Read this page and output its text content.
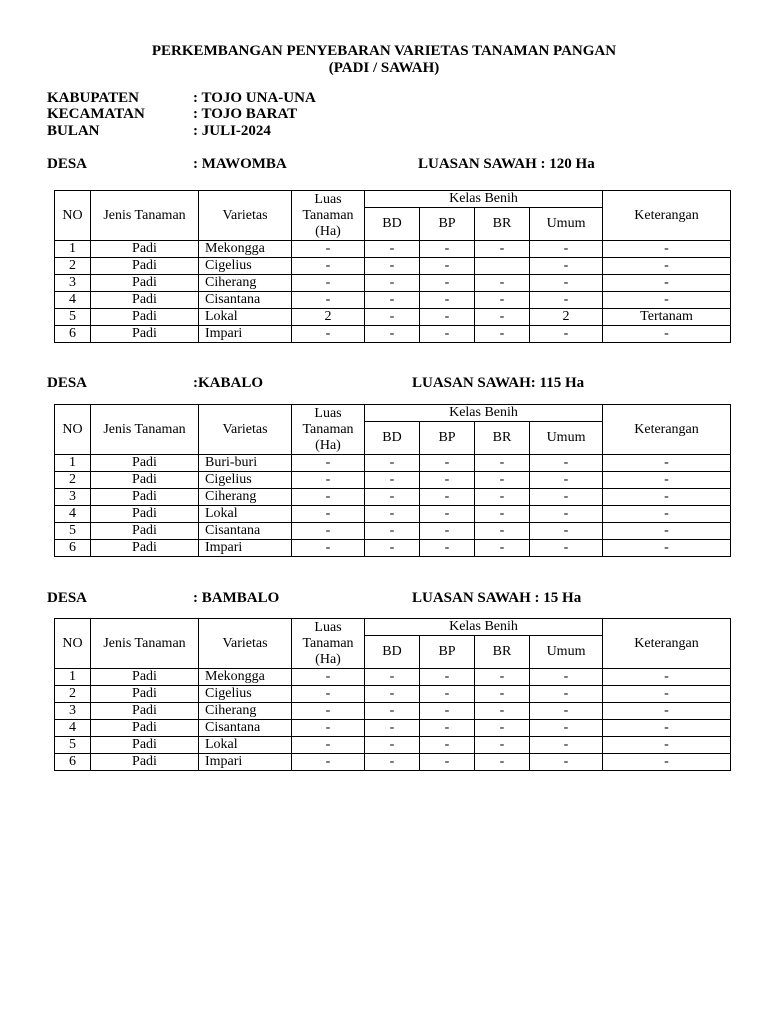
PERKEMBANGAN PENYEBARAN VARIETAS TANAMAN PANGAN
(PADI / SAWAH)
KABUPATEN	: TOJO UNA-UNA
KECAMATAN	: TOJO BARAT
BULAN	: JULI-2024
DESA	: MAWOMBA	LUASAN SAWAH : 120 Ha
NO	Jenis Tanaman	Varietas	Luas
Tanaman
(Ha)	Kelas Benih				Keterangan
				BD	BP	BR	Umum	
1	Padi	Mekongga	-	-	-	-	-	-
2	Padi	Cigelius	-	-	-		-	-
3	Padi	Ciherang	-	-	-	-	-	-
4	Padi	Cisantana	-	-	-	-	-	-
5	Padi	Lokal	2	-	-	-	2	Tertanam
6	Padi	Impari	-	-	-	-	-	-
DESA	:KABALO	LUASAN SAWAH: 115 Ha
NO	Jenis Tanaman	Varietas	Luas
Tanaman
(Ha)	Kelas Benih				Keterangan
				BD	BP	BR	Umum	
1	Padi	Buri-buri	-	-	-	-	-	-
2	Padi	Cigelius	-	-	-	-	-	-
3	Padi	Ciherang	-	-	-	-	-	-
4	Padi	Lokal	-	-	-	-	-	-
5	Padi	Cisantana	-	-	-	-	-	-
6	Padi	Impari	-	-	-	-	-	-
DESA	: BAMBALO	LUASAN SAWAH : 15 Ha
NO	Jenis Tanaman	Varietas	Luas
Tanaman
(Ha)	Kelas Benih				Keterangan
				BD	BP	BR	Umum	
1	Padi	Mekongga	-	-	-	-	-	-
2	Padi	Cigelius	-	-	-	-	-	-
3	Padi	Ciherang	-	-	-	-	-	-
4	Padi	Cisantana	-	-	-	-	-	-
5	Padi	Lokal	-	-	-	-	-	-
6	Padi	Impari	-	-	-	-	-	-
